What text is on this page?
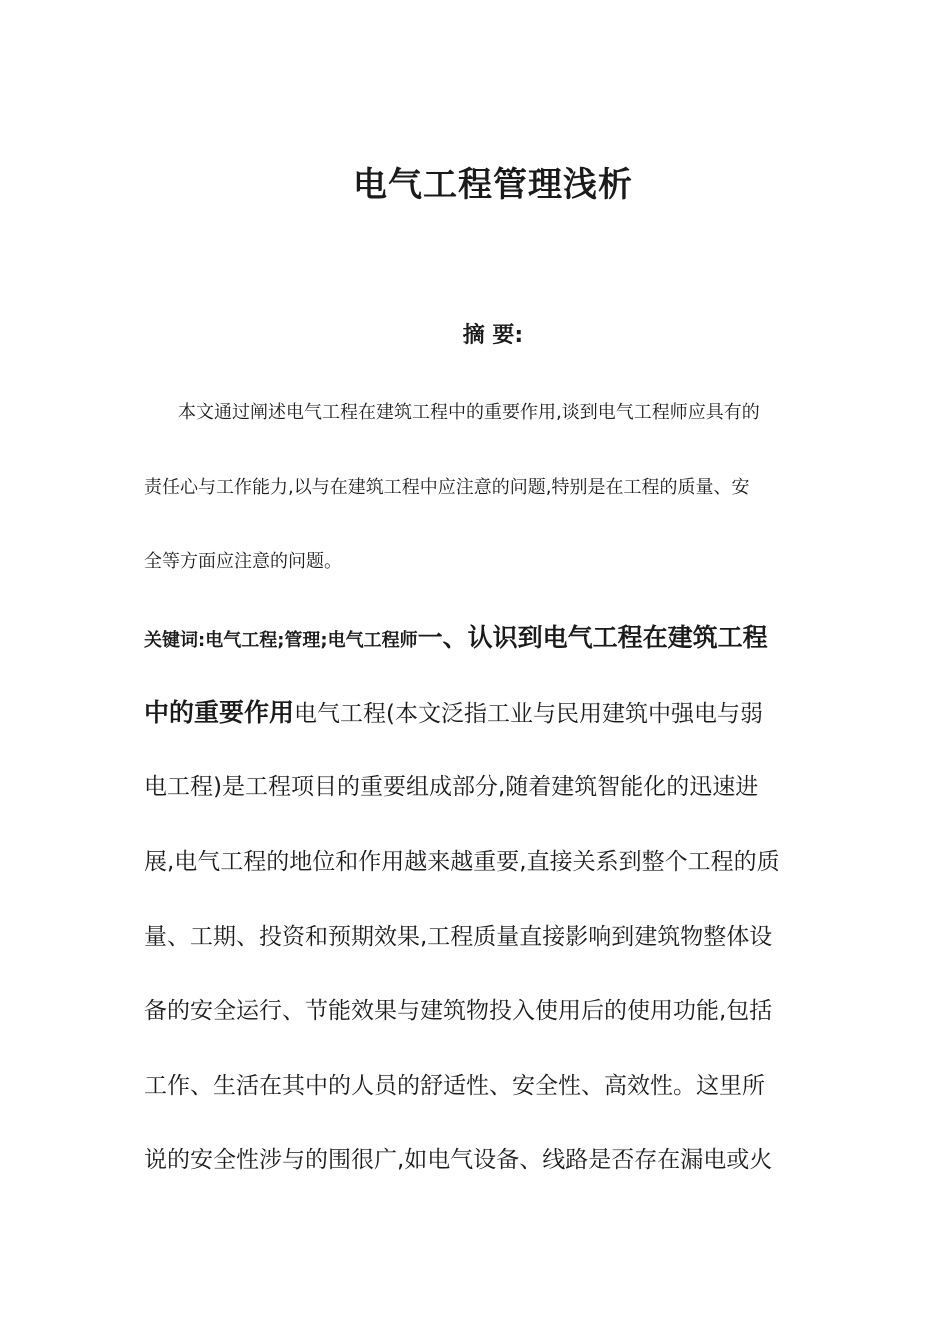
电气工程管理浅析
摘 要:
本文通过阐述电气工程在建筑工程中的重要作用,谈到电气工程师应具有的
责任心与工作能力,以与在建筑工程中应注意的问题,特别是在工程的质量、安
全等方面应注意的问题。
关键词:电气工程;管理;电气工程师一、认识到电气工程在建筑工程
中的重要作用电气工程(本文泛指工业与民用建筑中强电与弱
电工程)是工程项目的重要组成部分,随着建筑智能化的迅速进
展,电气工程的地位和作用越来越重要,直接关系到整个工程的质
量、工期、投资和预期效果,工程质量直接影响到建筑物整体设
备的安全运行、节能效果与建筑物投入使用后的使用功能,包括
工作、生活在其中的人员的舒适性、安全性、高效性。这里所
说的安全性涉与的围很广,如电气设备、线路是否存在漏电或火
